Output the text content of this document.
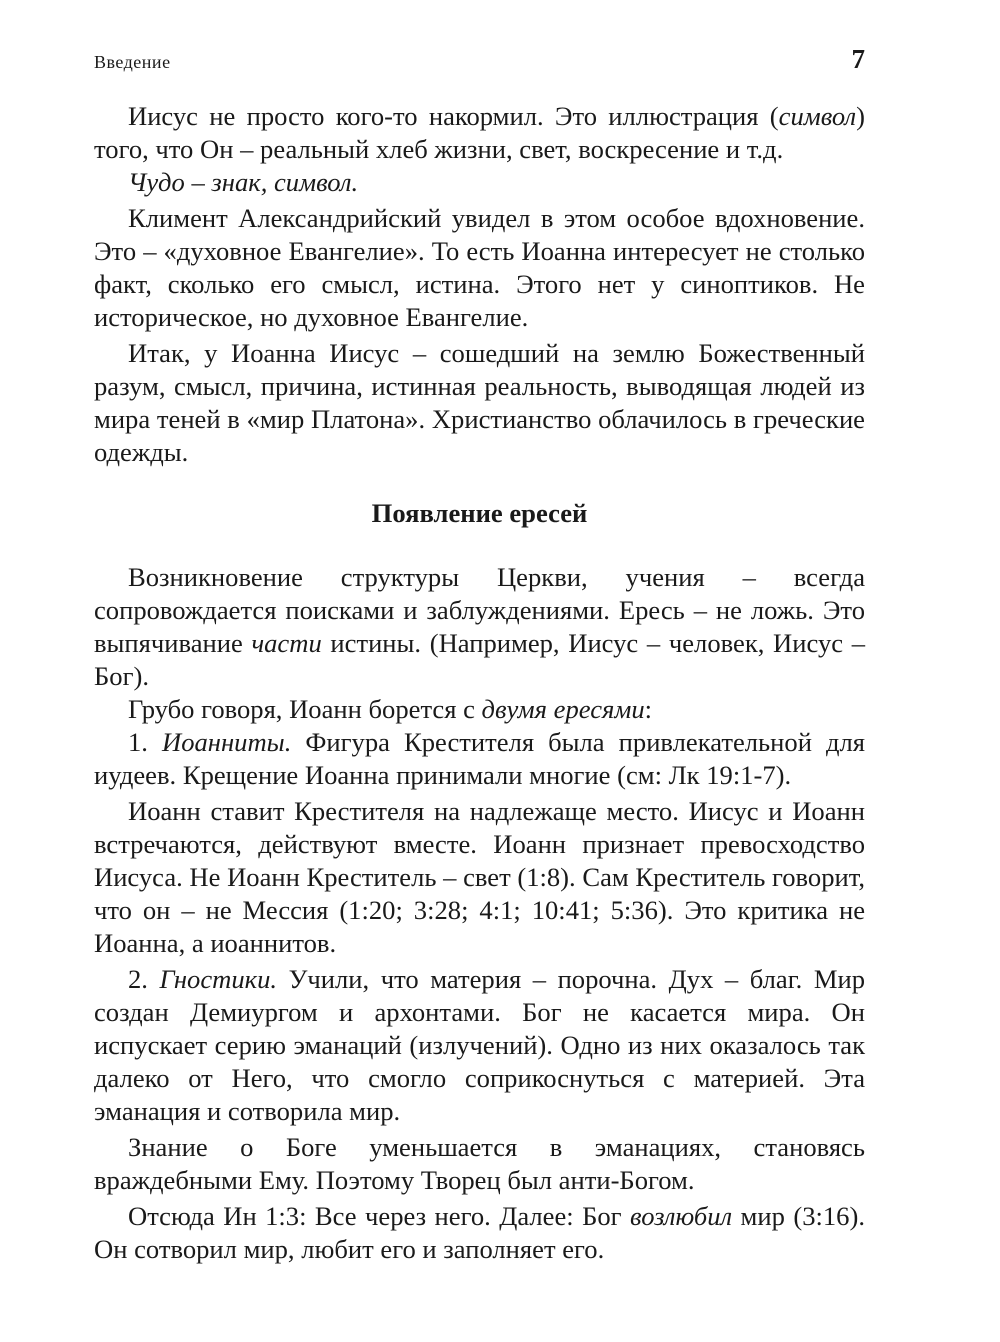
Введение	7

Иисус не просто кого-то накормил. Это иллюстрация (символ) того, что Он – реальный хлеб жизни, свет, воскресение и т.д.

Чудо – знак, символ.

Климент Александрийский увидел в этом особое вдохновение. Это – «духовное Евангелие». То есть Иоанна интересует не столько факт, сколько его смысл, истина. Этого нет у синоптиков. Не историческое, но духовное Евангелие.

Итак, у Иоанна Иисус – сошедший на землю Божественный разум, смысл, причина, истинная реальность, выводящая людей из мира теней в «мир Платона». Христианство облачилось в греческие одежды.

Появление ересей

Возникновение структуры Церкви, учения – всегда сопровождается поисками и заблуждениями. Ересь – не ложь. Это выпячивание части истины. (Например, Иисус – человек, Иисус – Бог).

Грубо говоря, Иоанн борется с двумя ересями:

1. Иоанниты. Фигура Крестителя была привлекательной для иудеев. Крещение Иоанна принимали многие (см: Лк 19:1-7).

Иоанн ставит Крестителя на надлежаще место. Иисус и Иоанн встречаются, действуют вместе. Иоанн признает превосходство Иисуса. Не Иоанн Креститель – свет (1:8). Сам Креститель говорит, что он – не Мессия (1:20; 3:28; 4:1; 10:41; 5:36). Это критика не Иоанна, а иоаннитов.

2. Гностики. Учили, что материя – порочна. Дух – благ. Мир создан Демиургом и архонтами. Бог не касается мира. Он испускает серию эманаций (излучений). Одно из них оказалось так далеко от Него, что смогло соприкоснуться с материей. Эта эманация и сотворила мир.

Знание о Боге уменьшается в эманациях, становясь враждебными Ему. Поэтому Творец был анти-Богом.

Отсюда Ин 1:3: Все через него. Далее: Бог возлюбил мир (3:16). Он сотворил мир, любит его и заполняет его.
